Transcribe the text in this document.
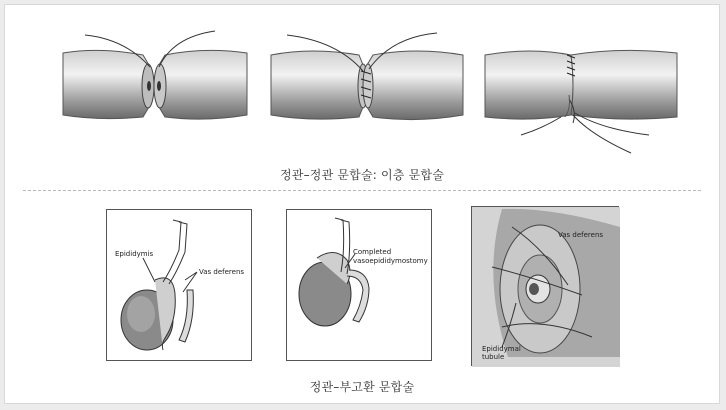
정관–정관 문합술: 이층 문합술
Epididymis
Vas deferens
Completed
vasoepididymostomy
Vas deferens
Epididymal
tubule
정관–부고환 문합술
